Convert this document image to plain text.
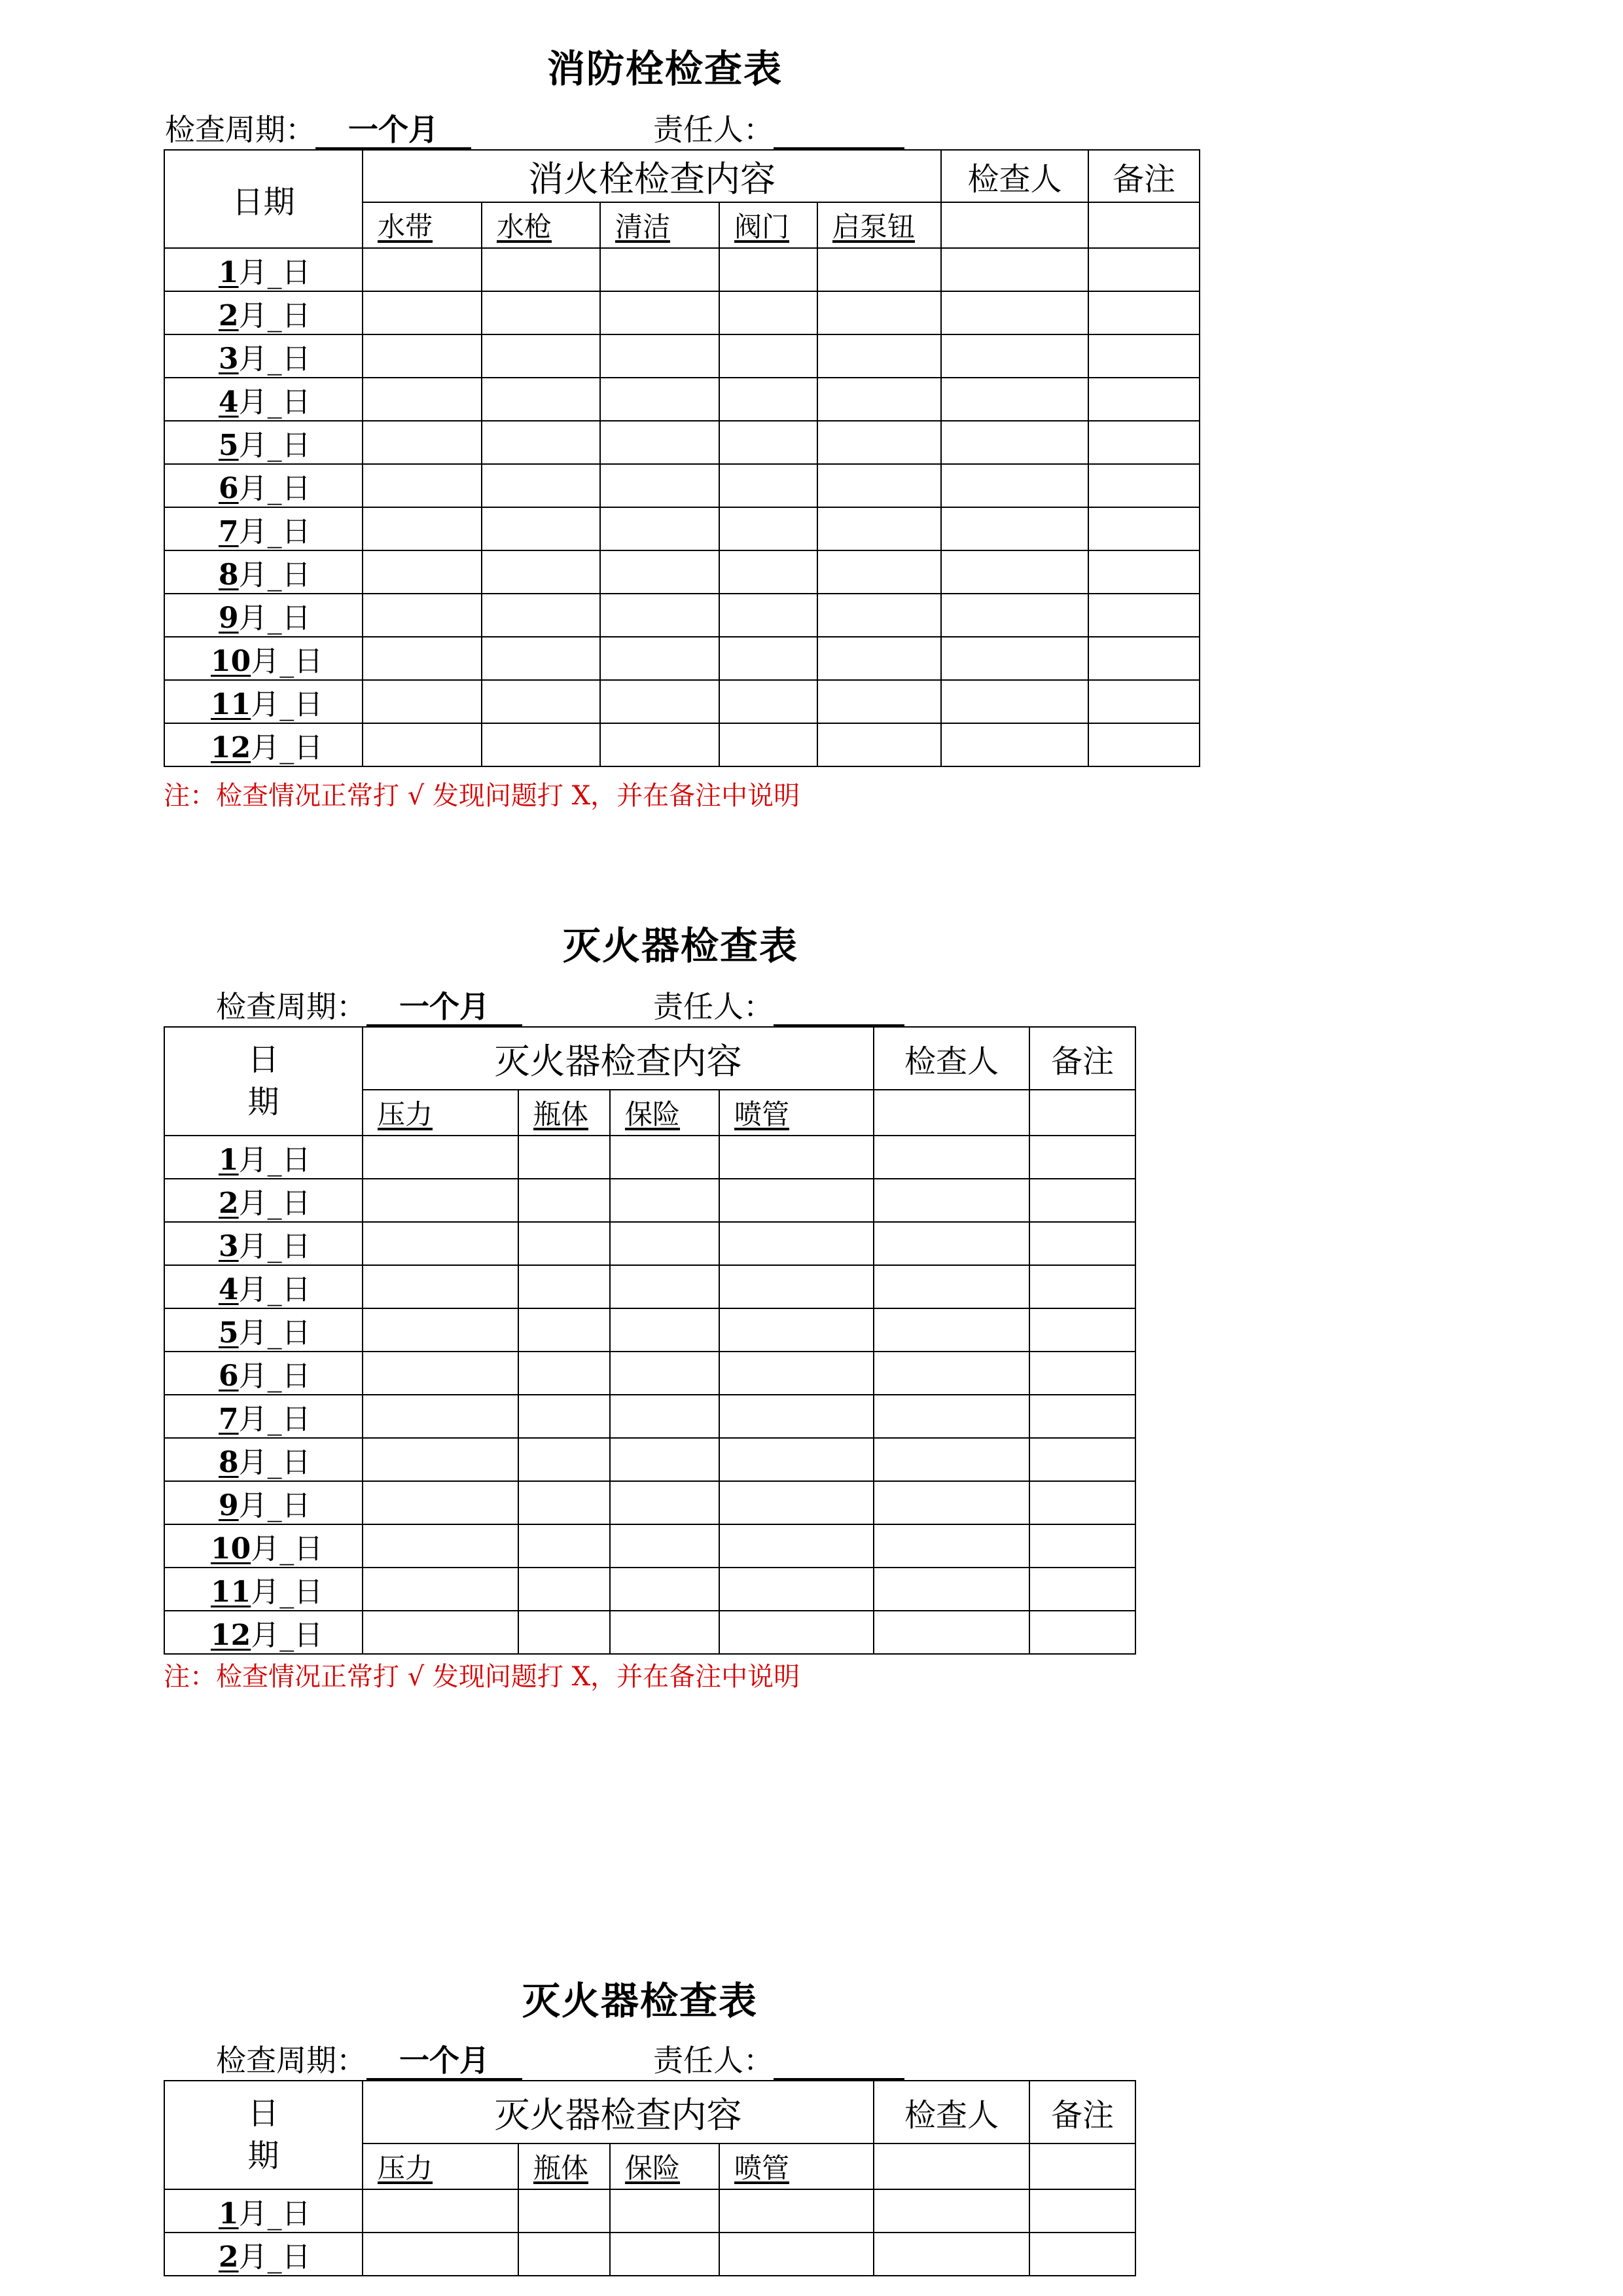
消防栓检查表
检查周期： 一个月	责任人：
日期	消火栓检查内容					检查人	备注
	水带	水枪	清洁	阀门	启泵钮		
1月_日							
2月_日							
3月_日							
4月_日							
5月_日							
6月_日							
7月_日							
8月_日							
9月_日							
10月_日							
11月_日							
12月_日							
注：检查情况正常打 √ 发现问题打 X，并在备注中说明
灭火器检查表
检查周期： 一个月	责任人：
日
期	灭火器检查内容				检查人	备注
	压力	瓶体	保险	喷管		
1月_日						
2月_日						
3月_日						
4月_日						
5月_日						
6月_日						
7月_日						
8月_日						
9月_日						
10月_日						
11月_日						
12月_日						
注：检查情况正常打 √ 发现问题打 X，并在备注中说明
灭火器检查表
检查周期： 一个月	责任人：
日
期	灭火器检查内容				检查人	备注
	压力	瓶体	保险	喷管		
1月_日						
2月_日						
